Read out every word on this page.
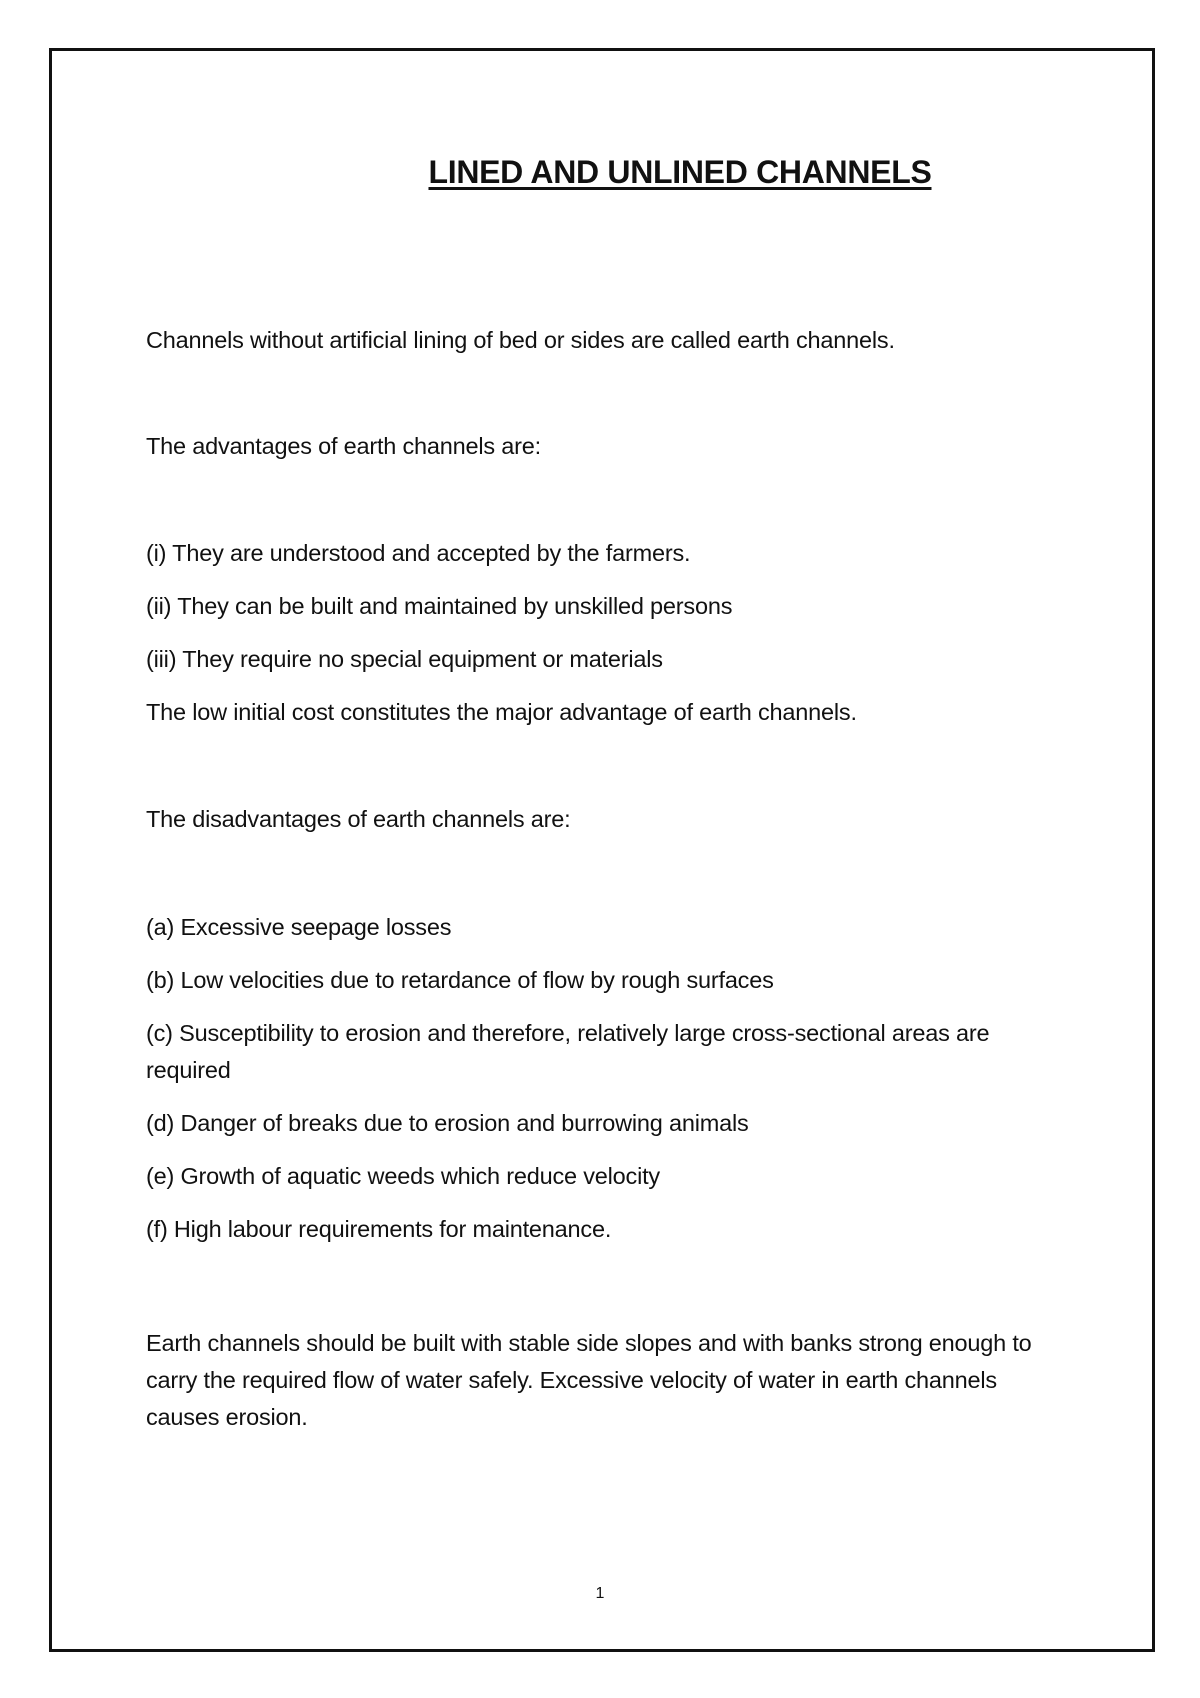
LINED AND UNLINED CHANNELS
Channels without artificial lining of bed or sides are called earth channels.
The advantages of earth channels are:
(i) They are understood and accepted by the farmers.
(ii) They can be built and maintained by unskilled persons
(iii) They require no special equipment or materials
The low initial cost constitutes the major advantage of earth channels.
The disadvantages of earth channels are:
(a) Excessive seepage losses
(b) Low velocities due to retardance of flow by rough surfaces
(c) Susceptibility to erosion and therefore, relatively large cross-sectional areas are required
(d) Danger of breaks due to erosion and burrowing animals
(e) Growth of aquatic weeds which reduce velocity
(f) High labour requirements for maintenance.
Earth channels should be built with stable side slopes and with banks strong enough to carry the required flow of water safely. Excessive velocity of water in earth channels causes erosion.
1
